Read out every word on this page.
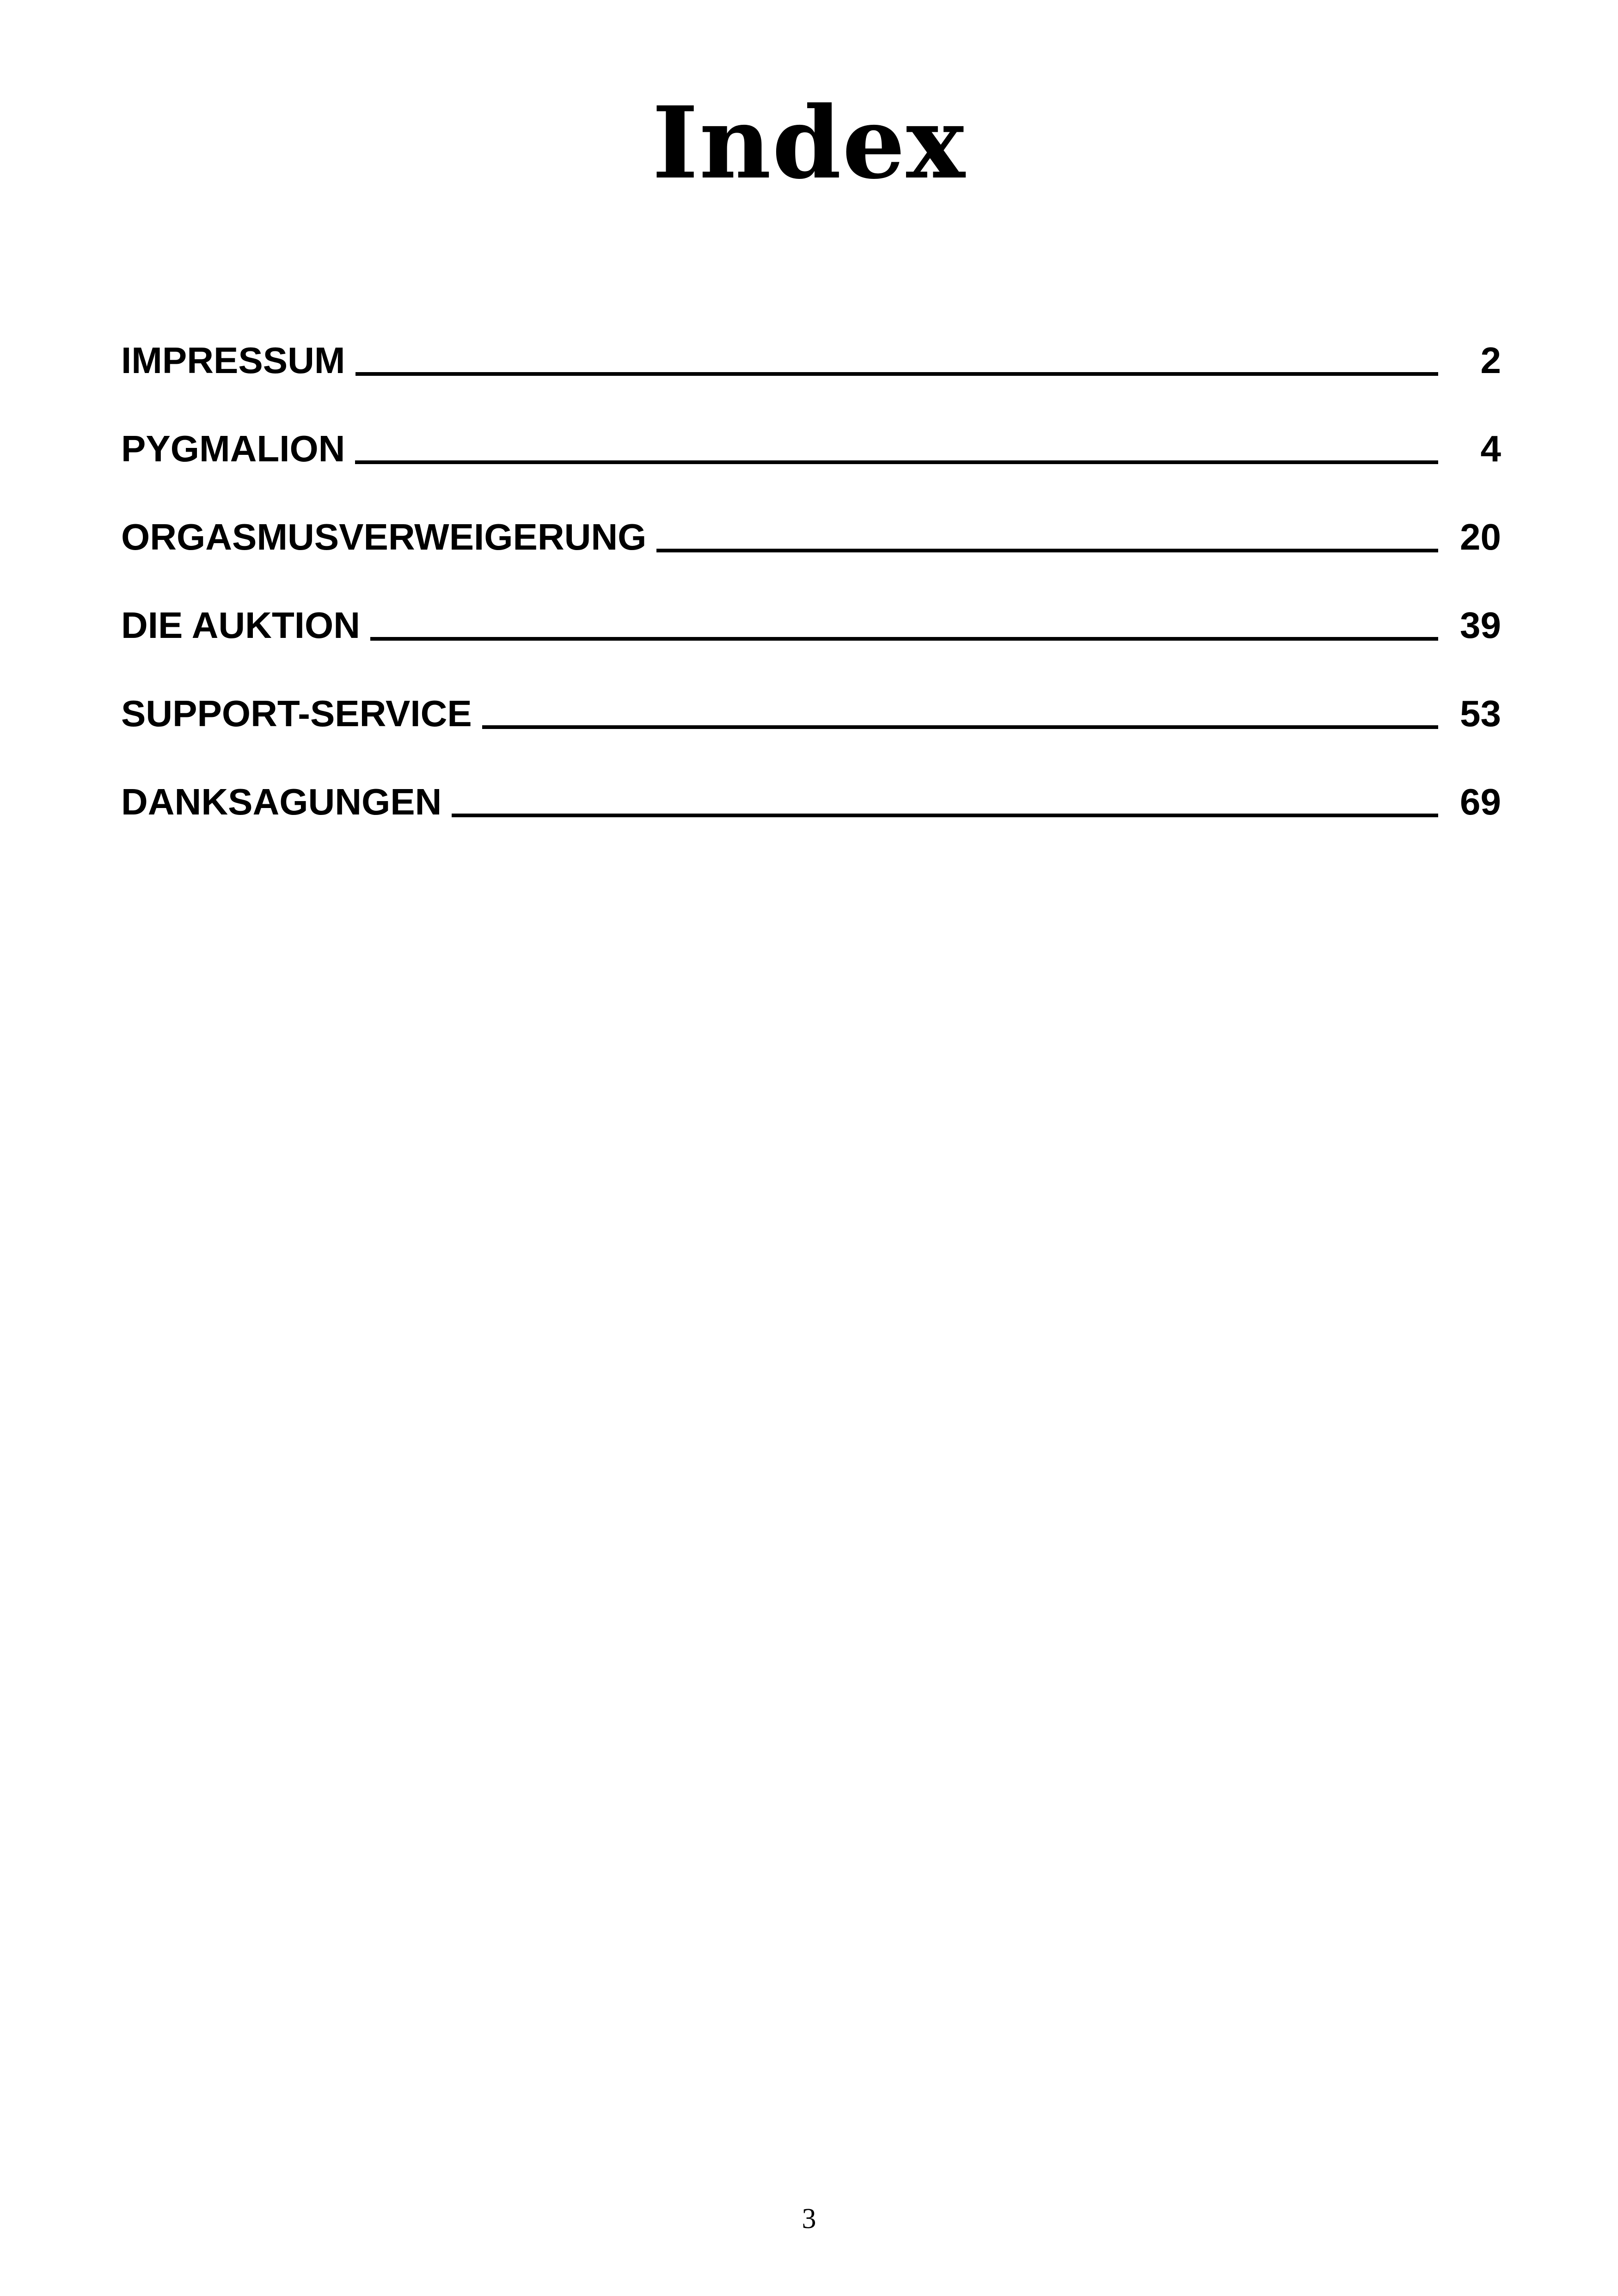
Index
IMPRESSUM	2
PYGMALION	4
ORGASMUSVERWEIGERUNG	20
DIE AUKTION	39
SUPPORT-SERVICE	53
DANKSAGUNGEN	69
3
